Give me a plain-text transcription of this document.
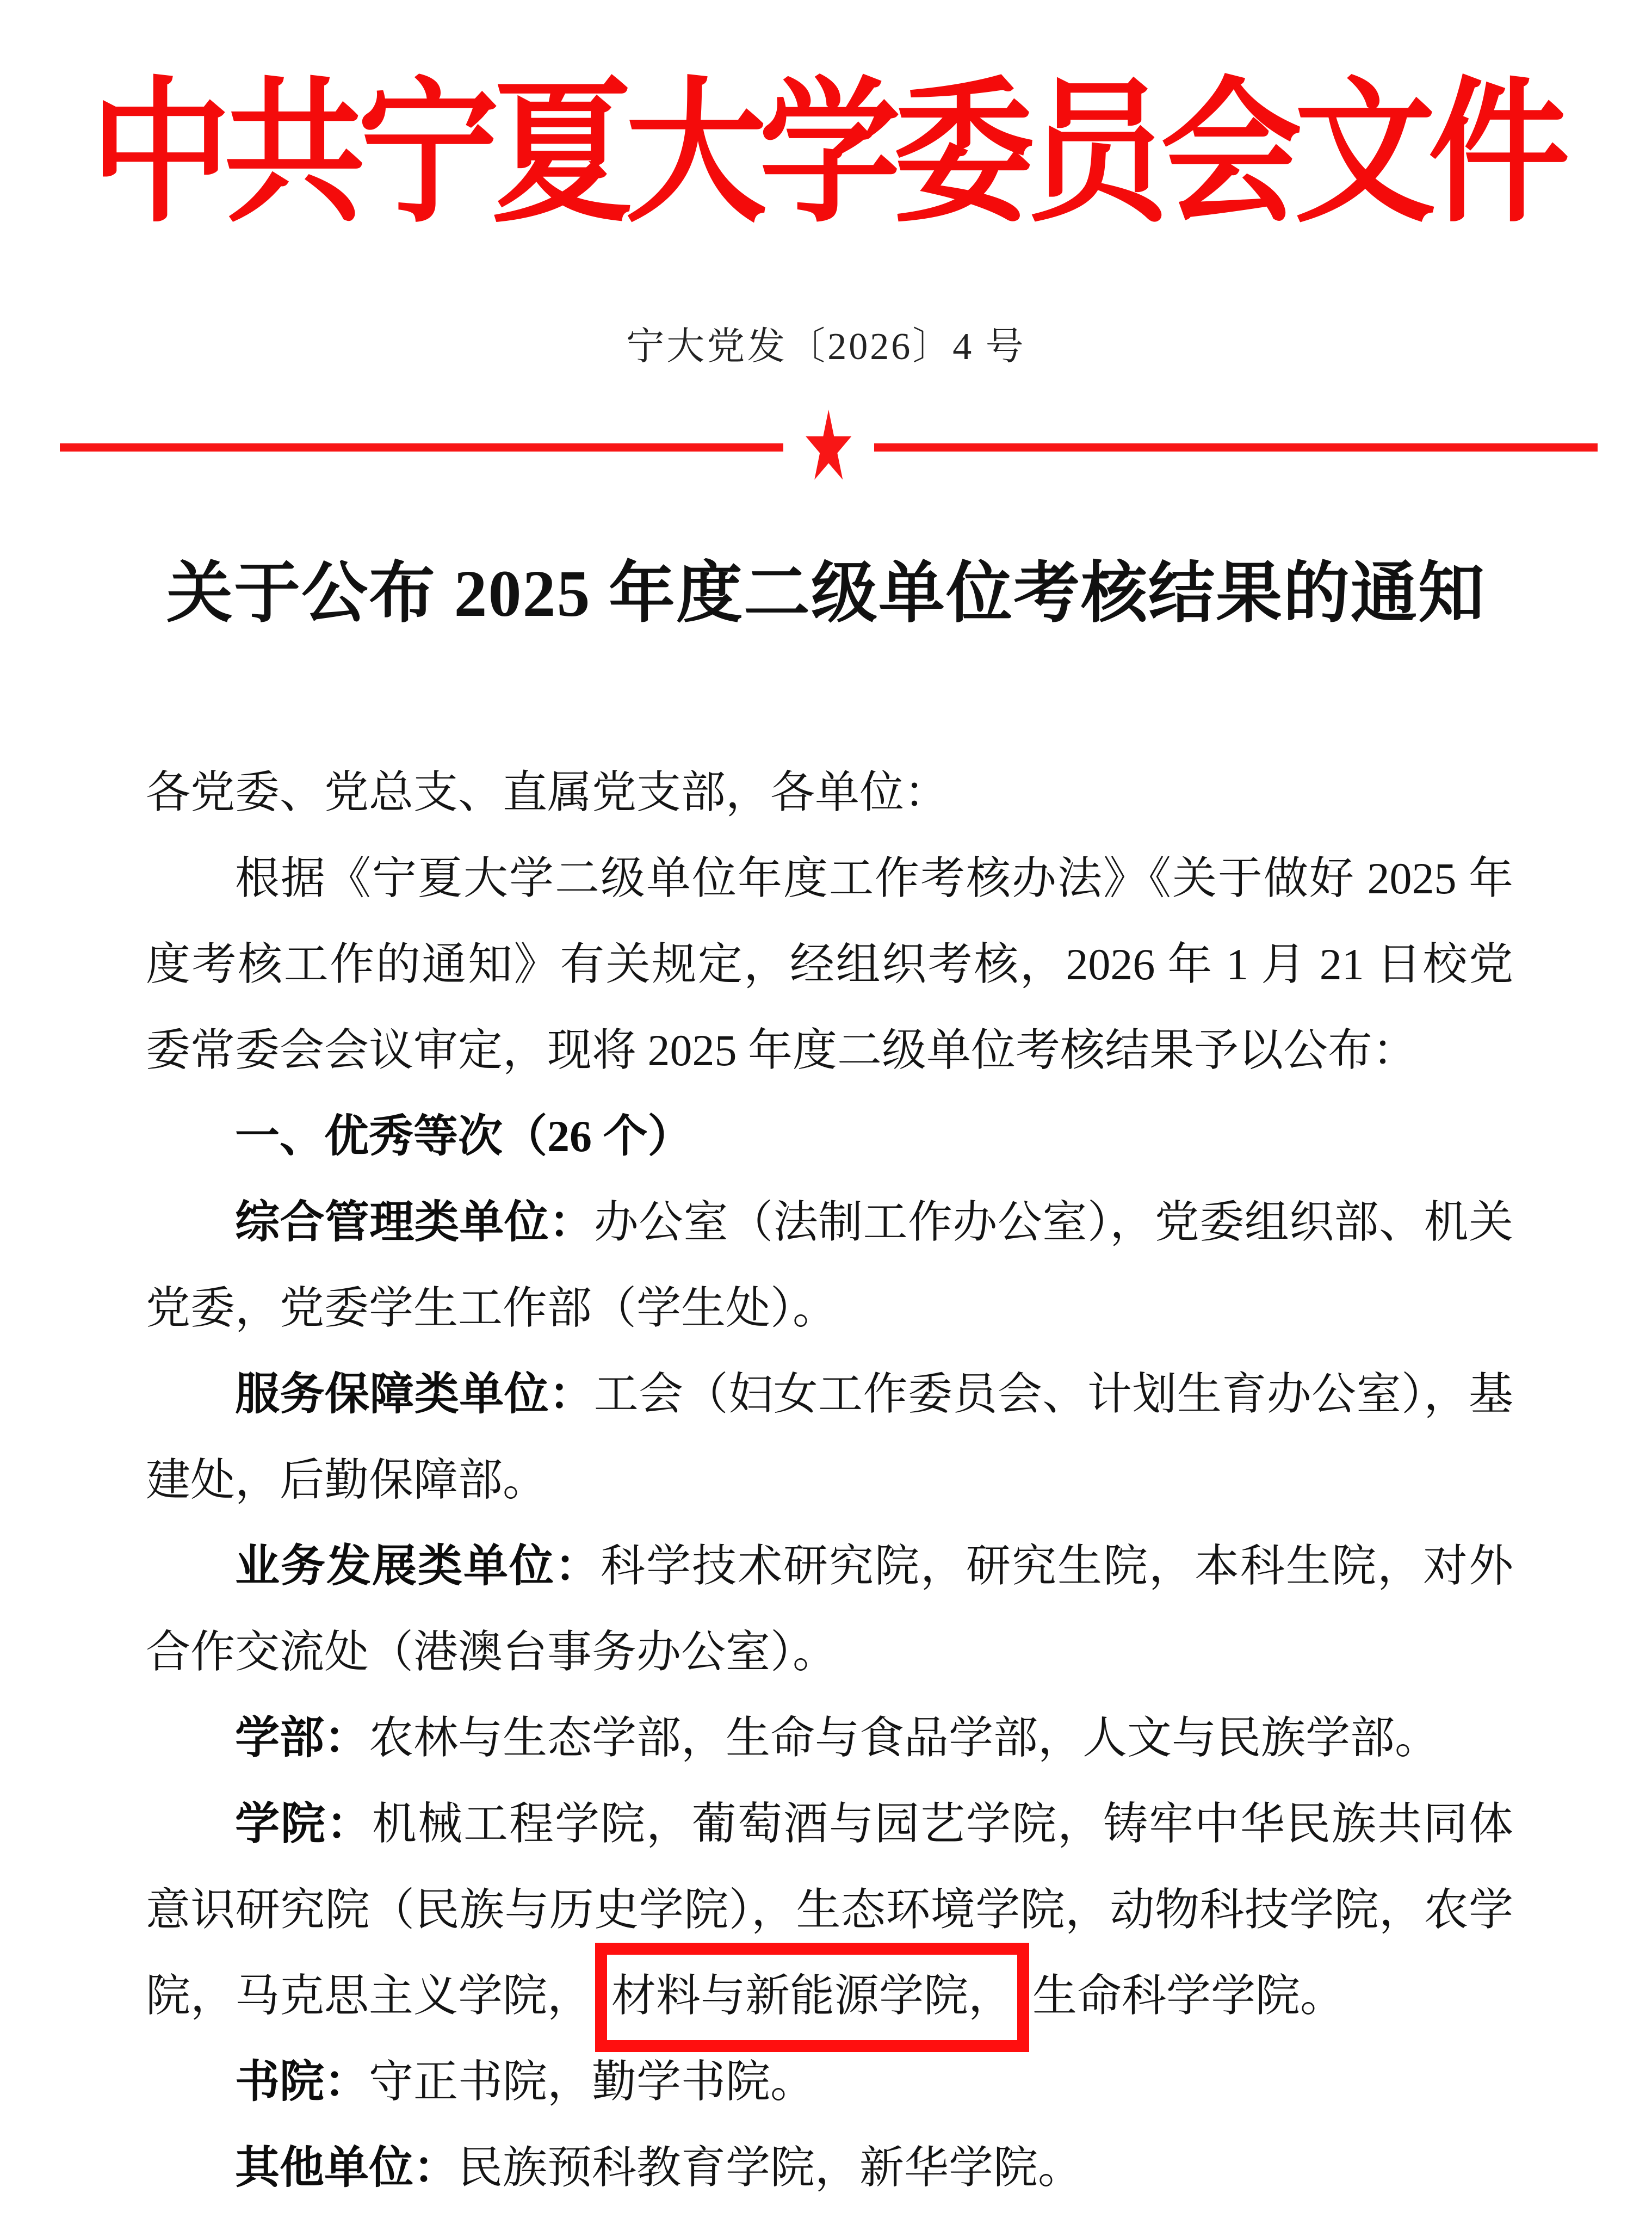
中共宁夏大学委员会文件
宁大党发〔2026〕4 号
★
关于公布 2025 年度二级单位考核结果的通知

各党委、党总支、直属党支部，各单位：

根据《宁夏大学二级单位年度工作考核办法》《关于做好 2025 年度考核工作的通知》有关规定，经组织考核，2026 年 1 月 21 日校党委常委会会议审定，现将 2025 年度二级单位考核结果予以公布：

一、优秀等次（26 个）

综合管理类单位：办公室（法制工作办公室），党委组织部、机关党委，党委学生工作部（学生处）。

服务保障类单位：工会（妇女工作委员会、计划生育办公室），基建处，后勤保障部。

业务发展类单位：科学技术研究院，研究生院，本科生院，对外合作交流处（港澳台事务办公室）。

学部：农林与生态学部，生命与食品学部，人文与民族学部。

学院：机械工程学院，葡萄酒与园艺学院，铸牢中华民族共同体意识研究院（民族与历史学院），生态环境学院，动物科技学院，农学院，马克思主义学院， 材料与新能源学院， 生命科学学院。

书院：守正书院，勤学书院。

其他单位：民族预科教育学院，新华学院。
